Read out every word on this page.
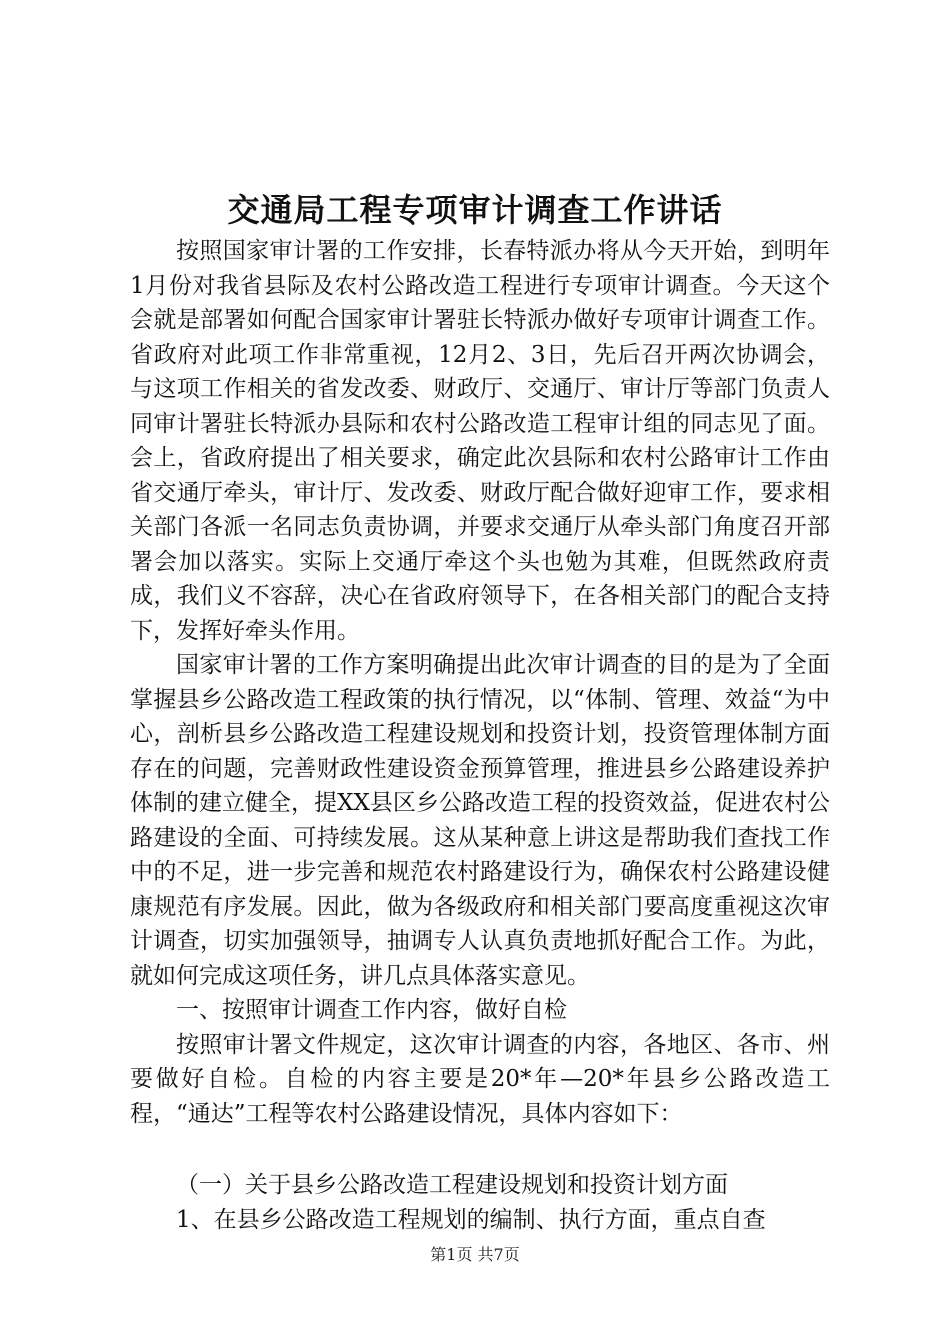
交通局工程专项审计调查工作讲话

按照国家审计署的工作安排，长春特派办将从今天开始，到明年1月份对我省县际及农村公路改造工程进行专项审计调查。今天这个会就是部署如何配合国家审计署驻长特派办做好专项审计调查工作。省政府对此项工作非常重视，12月2、3日，先后召开两次协调会，与这项工作相关的省发改委、财政厅、交通厅、审计厅等部门负责人同审计署驻长特派办县际和农村公路改造工程审计组的同志见了面。会上，省政府提出了相关要求，确定此次县际和农村公路审计工作由省交通厅牵头，审计厅、发改委、财政厅配合做好迎审工作，要求相关部门各派一名同志负责协调，并要求交通厅从牵头部门角度召开部署会加以落实。实际上交通厅牵这个头也勉为其难，但既然政府责成，我们义不容辞，决心在省政府领导下，在各相关部门的配合支持下，发挥好牵头作用。

国家审计署的工作方案明确提出此次审计调查的目的是为了全面掌握县乡公路改造工程政策的执行情况，以“体制、管理、效益“为中心，剖析县乡公路改造工程建设规划和投资计划，投资管理体制方面存在的问题，完善财政性建设资金预算管理，推进县乡公路建设养护体制的建立健全，提XX县区乡公路改造工程的投资效益，促进农村公路建设的全面、可持续发展。这从某种意上讲这是帮助我们查找工作中的不足，进一步完善和规范农村路建设行为，确保农村公路建设健康规范有序发展。因此，做为各级政府和相关部门要高度重视这次审计调查，切实加强领导，抽调专人认真负责地抓好配合工作。为此，就如何完成这项任务，讲几点具体落实意见。

一、按照审计调查工作内容，做好自检

按照审计署文件规定，这次审计调查的内容，各地区、各市、州要做好自检。自检的内容主要是20*年—20*年县乡公路改造工程，“通达”工程等农村公路建设情况，具体内容如下：

（一）关于县乡公路改造工程建设规划和投资计划方面

1、在县乡公路改造工程规划的编制、执行方面，重点自查

第1页 共7页
